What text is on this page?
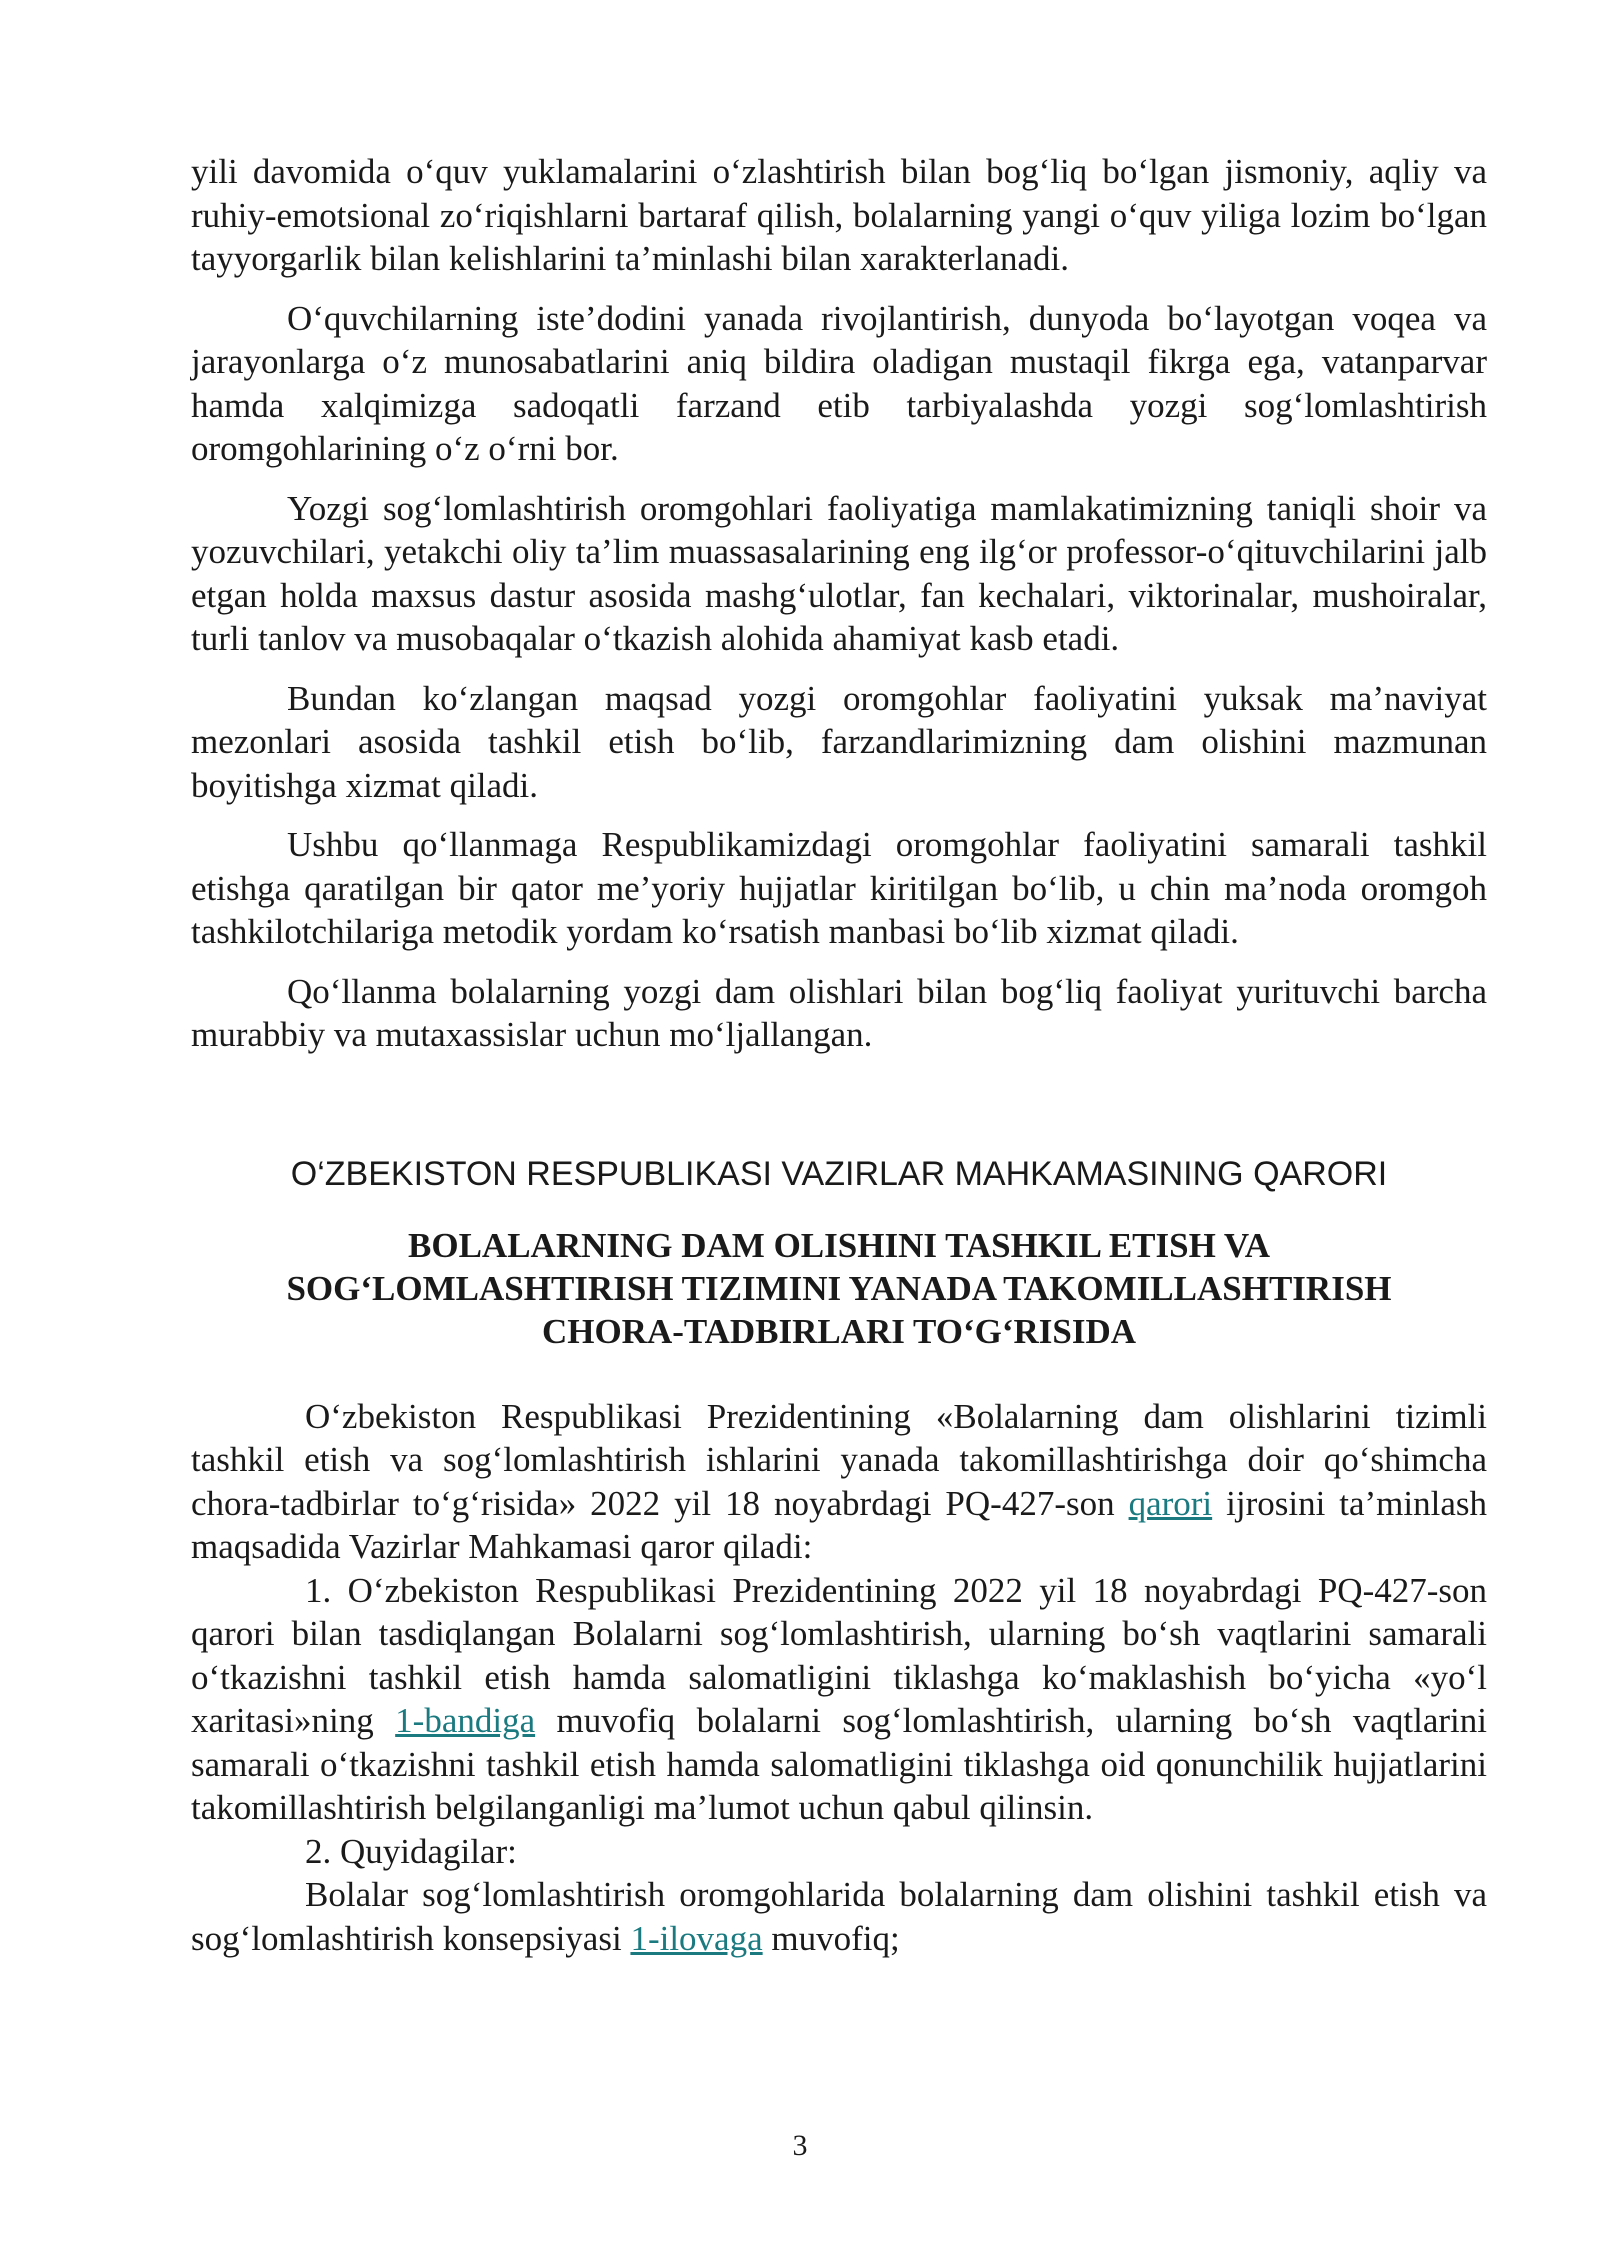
yili davomida o‘quv yuklamalarini o‘zlashtirish bilan bog‘liq bo‘lgan jismoniy, aqliy va ruhiy-emotsional zo‘riqishlarni bartaraf qilish, bolalarning yangi o‘quv yiliga lozim bo‘lgan tayyorgarlik bilan kelishlarini ta’minlashi bilan xarakterlanadi.

O‘quvchilarning iste’dodini yanada rivojlantirish, dunyoda bo‘layotgan voqea va jarayonlarga o‘z munosabatlarini aniq bildira oladigan mustaqil fikrga ega, vatanparvar hamda xalqimizga sadoqatli farzand etib tarbiyalashda yozgi sog‘lomlashtirish oromgohlarining o‘z o‘rni bor.

Yozgi sog‘lomlashtirish oromgohlari faoliyatiga mamlakatimizning taniqli shoir va yozuvchilari, yetakchi oliy ta’lim muassasalarining eng ilg‘or professor-o‘qituvchilarini jalb etgan holda maxsus dastur asosida mashg‘ulotlar, fan kechalari, viktorinalar, mushoiralar, turli tanlov va musobaqalar o‘tkazish alohida ahamiyat kasb etadi.

Bundan ko‘zlangan maqsad yozgi oromgohlar faoliyatini yuksak ma’naviyat mezonlari asosida tashkil etish bo‘lib, farzandlarimizning dam olishini mazmunan boyitishga xizmat qiladi.

Ushbu qo‘llanmaga Respublikamizdagi oromgohlar faoliyatini samarali tashkil etishga qaratilgan bir qator me’yoriy hujjatlar kiritilgan bo‘lib, u chin ma’noda oromgoh tashkilotchilariga metodik yordam ko‘rsatish manbasi bo‘lib xizmat qiladi.

Qo‘llanma bolalarning yozgi dam olishlari bilan bog‘liq faoliyat yurituvchi barcha murabbiy va mutaxassislar uchun mo‘ljallangan.

O‘ZBEKISTON RESPUBLIKASI VAZIRLAR MAHKAMASINING QARORI

BOLALARNING DAM OLISHINI TASHKIL ETISH VA
SOG‘LOMLASHTIRISH TIZIMINI YANADA TAKOMILLASHTIRISH
CHORA-TADBIRLARI TO‘G‘RISIDA

O‘zbekiston Respublikasi Prezidentining «Bolalarning dam olishlarini tizimli tashkil etish va sog‘lomlashtirish ishlarini yanada takomillashtirishga doir qo‘shimcha chora-tadbirlar to‘g‘risida» 2022 yil 18 noyabrdagi PQ-427-son qarori ijrosini ta’minlash maqsadida Vazirlar Mahkamasi qaror qiladi:

1. O‘zbekiston Respublikasi Prezidentining 2022 yil 18 noyabrdagi PQ-427-son qarori bilan tasdiqlangan Bolalarni sog‘lomlashtirish, ularning bo‘sh vaqtlarini samarali o‘tkazishni tashkil etish hamda salomatligini tiklashga ko‘maklashish bo‘yicha «yo‘l xaritasi»ning 1-bandiga muvofiq bolalarni sog‘lomlashtirish, ularning bo‘sh vaqtlarini samarali o‘tkazishni tashkil etish hamda salomatligini tiklashga oid qonunchilik hujjatlarini takomillashtirish belgilanganligi ma’lumot uchun qabul qilinsin.

2. Quyidagilar:

Bolalar sog‘lomlashtirish oromgohlarida bolalarning dam olishini tashkil etish va sog‘lomlashtirish konsepsiyasi 1-ilovaga muvofiq;

3
